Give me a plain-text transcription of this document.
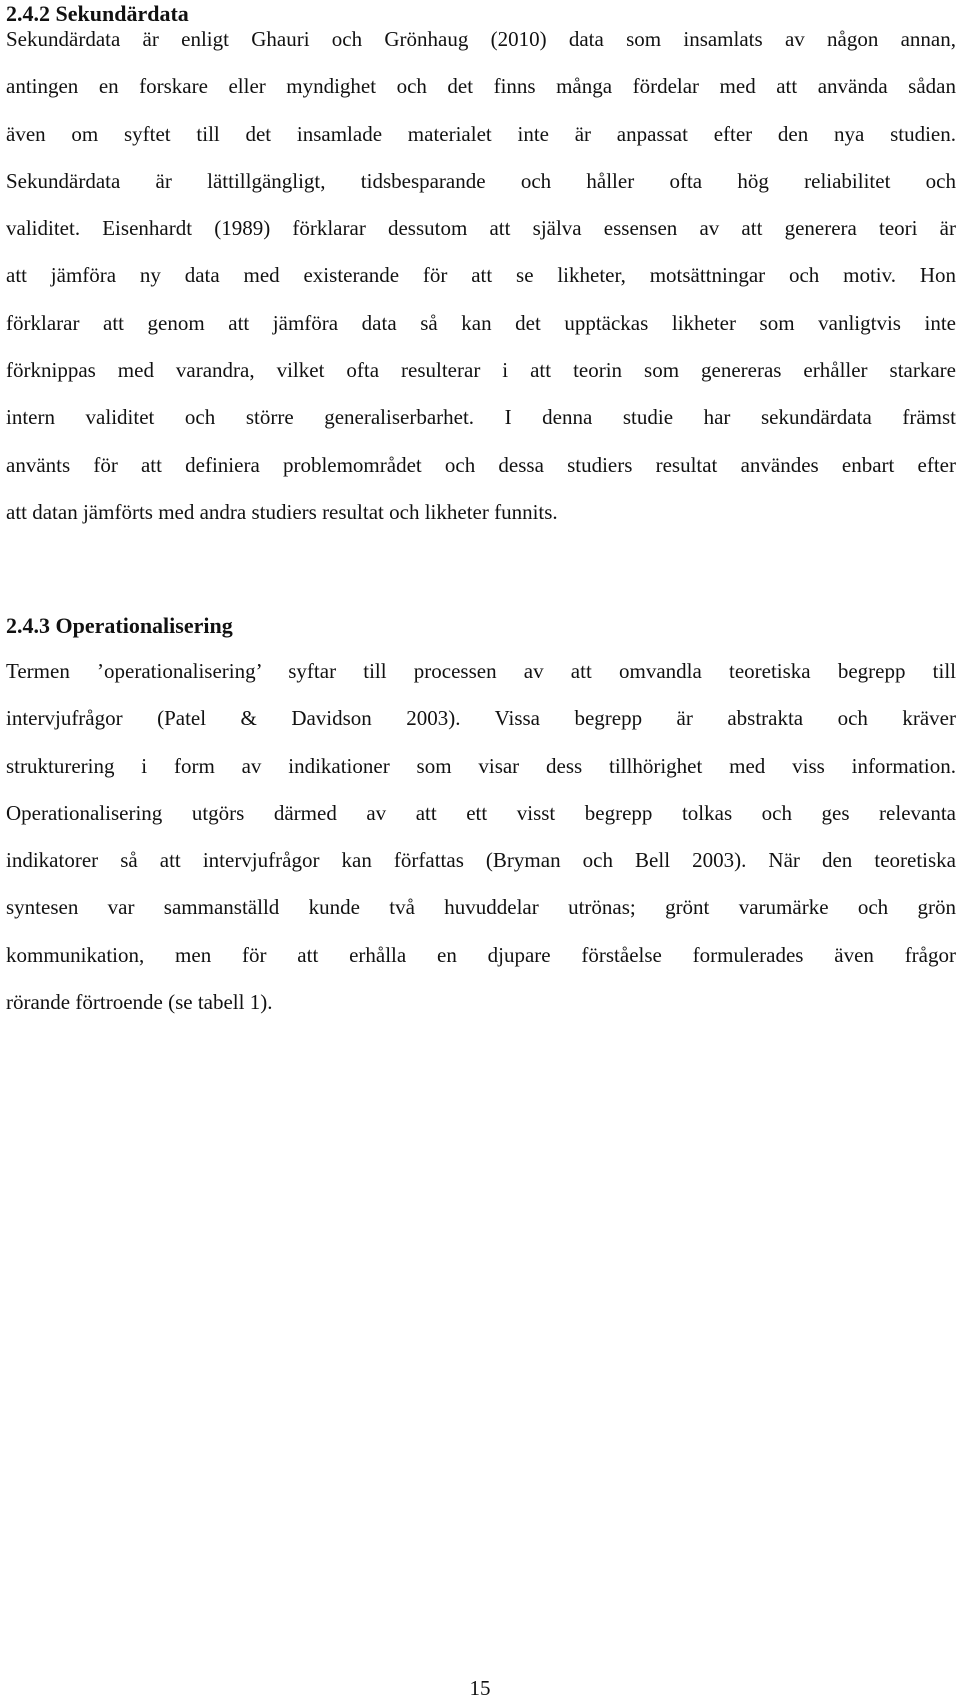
2.4.2 Sekundärdata

Sekundärdata är enligt Ghauri och Grönhaug (2010) data som insamlats av någon annan,
antingen en forskare eller myndighet och det finns många fördelar med att använda sådan
även om syftet till det insamlade materialet inte är anpassat efter den nya studien.
Sekundärdata är lättillgängligt, tidsbesparande och håller ofta hög reliabilitet och
validitet. Eisenhardt (1989) förklarar dessutom att själva essensen av att generera teori är
att jämföra ny data med existerande för att se likheter, motsättningar och motiv. Hon
förklarar att genom att jämföra data så kan det upptäckas likheter som vanligtvis inte
förknippas med varandra, vilket ofta resulterar i att teorin som genereras erhåller starkare
intern validitet och större generaliserbarhet. I denna studie har sekundärdata främst
använts för att definiera problemområdet och dessa studiers resultat användes enbart efter
att datan jämförts med andra studiers resultat och likheter funnits.

2.4.3 Operationalisering

Termen ’operationalisering’ syftar till processen av att omvandla teoretiska begrepp till
intervjufrågor (Patel & Davidson 2003). Vissa begrepp är abstrakta och kräver
strukturering i form av indikationer som visar dess tillhörighet med viss information.
Operationalisering utgörs därmed av att ett visst begrepp tolkas och ges relevanta
indikatorer så att intervjufrågor kan författas (Bryman och Bell 2003). När den teoretiska
syntesen var sammanställd kunde två huvuddelar utrönas; grönt varumärke och grön
kommunikation, men för att erhålla en djupare förståelse formulerades även frågor
rörande förtroende (se tabell 1).

15
